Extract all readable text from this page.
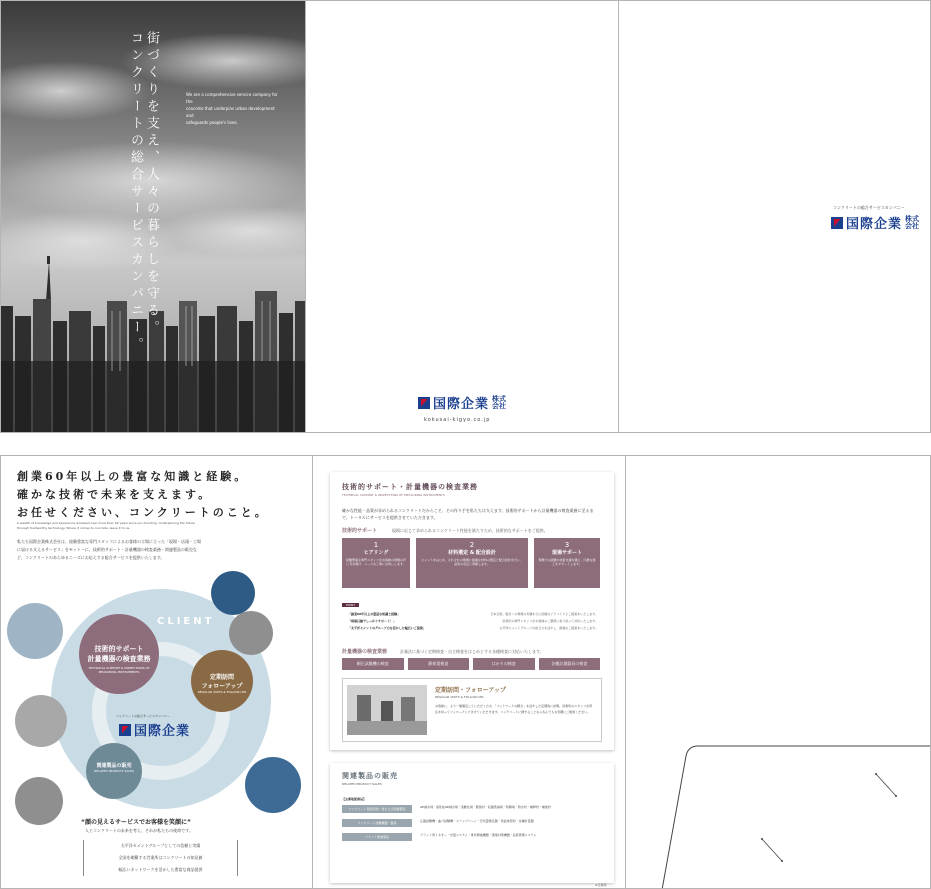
街づくりを支え、人々の暮らしを守る。
コンクリートの総合サービスカンパニー。	We are a comprehensive service company for the
concrete that underpins urban development and
safeguards people's lives.
国際企業 株式
会社
kokusai-kigyo.co.jp
コンクリートの総合サービスカンパニー
国際企業 株式
会社
創業60年以上の豊富な知識と経験。
確かな技術で未来を支えます。
お任せください、コンクリートのこと。
A wealth of knowledge and experience amassed over more than 60 years since our founding. Underpinning the future through trustworthy technology. Where it comes to concrete, leave it to us.
私たち国際企業株式会社は、経験豊富な専門スタッフによるお客様の立場に立った「現場・店頭・工場に届ける支えるサービス」をモットーに、技術的サポート・計量機器の検査業務・関連製品の販売など、コンクリートのあらゆるニーズにお応えする総合サービスを提供いたします。
CLIENT
技術的サポート
計量機器の検査業務
TECHNICAL SUPPORT & INSPECTIONS OF MEASURING INSTRUMENTS
定期訪問
フォローアップ
REGULAR VISITS & FOLLOW-UPS
関連製品の販売
RELATED PRODUCT SALES
コンクリートの総合サービスカンパニー
国際企業
“顔の見えるサービスでお客様を笑顔に”
人とコンクリートの未来を考え、それが私たちの使命です。
太平洋セメントグループとしての信頼と実績
全国を網羅する営業所はコンクリートの知見値
幅広いネットワークを活かした豊富な商品提供
技術的サポート・計量機器の検査業務
TECHNICAL SUPPORT & INSPECTIONS OF MEASURING INSTRUMENTS
確かな性能・品質が求められるコンクリートだからこそ、その作り手を私たちは支えます。技術的サポートから計量機器の検査業務に至るまで、トータルにサービスを提供させていただきます。
技術的サポート	現場に応じて求められるコンクリート性能を満たすため、技術的なサポートをご提供。
1
ヒアリング
経験豊富な専門スタッフがお客様の現場の声に耳を傾け、ニーズを丁寧にお伺いします。
2
材料選定 & 配合設計
セメントをはじめ、それぞれの現場に最適な材料の選定と配合設計を行い、品質の安定に貢献します。
3
現場サポート
現場での試験や技術支援を通じ、円滑な施工をサポートします。
POINT
「創業60年以上の豊富な知識と経験」	日本全国、数多くの現場の実績を元に的確なアドバイスとご提案をいたします。
「現場目線でしっかりサポート！」	営業所の専門スタッフがお客様のご要望に寄り添って対応いたします。
「太平洋セメントのグループ力を活かした幅広いご提案」	太平洋セメントグループの総合力を活かし、最適なご提案をいたします。
計量機器の検査業務	計量法に基づく定期検査・自主検査をはじめとする各種検査に対応いたします。
制圧試験機の検査	静荷重検査	はかりの検査	各種計測器具の検査
定期訪問・フォローアップ
REGULAR VISITS & FOLLOW-UPS
お客様に、より一層満足していただくため、「フットワークの軽さ」を活かした定期的に訪問。営業所のスタッフが責任を持ってフォローアップさせていただきます。コンクリートに関することならなんでもお気軽にご相談ください。
関連製品の販売
RELATED PRODUCT SALES
【主要取扱商品】
コンクリート用混和剤・材および関連製品	AE減水剤・高性能AE減水剤・流動化剤・膨張材・収縮低減剤・防錆剤・防水材・補修材・補強材
コンクリート試験機器・器具	圧縮試験機・曲げ試験機・スランプコーン・空気量測定器・供試体型枠・各種計量器
プラント関連製品	プラント用ミキサー・計量システム・骨材関連機器・環境対策機器・品質管理システム
※仕様等
